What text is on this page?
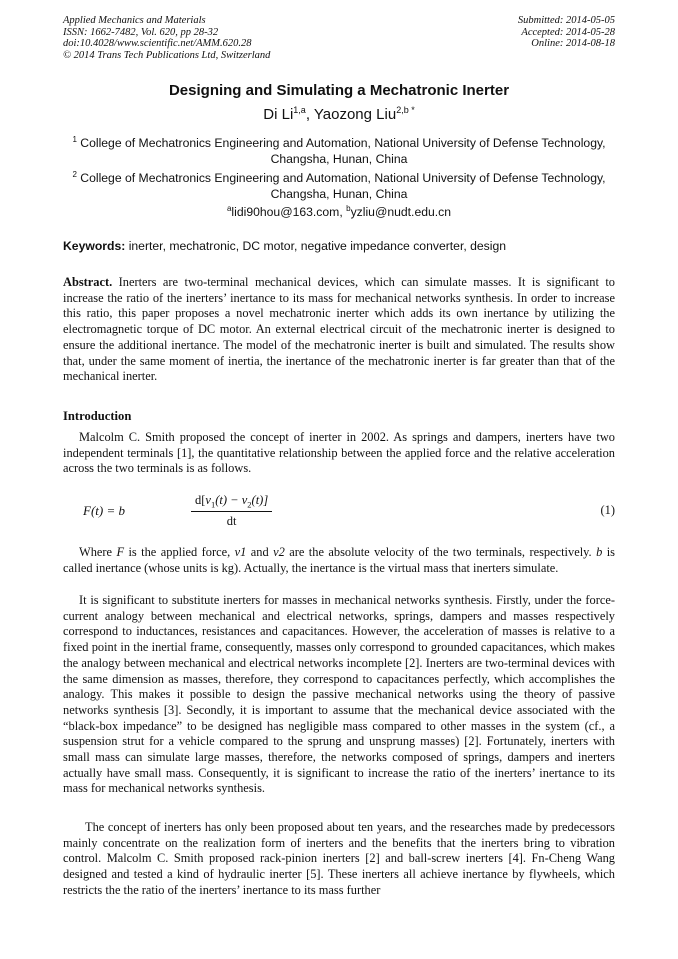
Applied Mechanics and Materials
ISSN: 1662-7482, Vol. 620, pp 28-32
doi:10.4028/www.scientific.net/AMM.620.28
© 2014 Trans Tech Publications Ltd, Switzerland
Submitted: 2014-05-05
Accepted: 2014-05-28
Online: 2014-08-18
Designing and Simulating a Mechatronic Inerter
Di Li$^{1,a}$, Yaozong Liu$^{2,b *}$
$^1$ College of Mechatronics Engineering and Automation, National University of Defense Technology, Changsha, Hunan, China
$^2$ College of Mechatronics Engineering and Automation, National University of Defense Technology, Changsha, Hunan, China
$^a$lidi90hou@163.com, $^b$yzliu@nudt.edu.cn
Keywords: inerter, mechatronic, DC motor, negative impedance converter, design
Abstract. Inerters are two-terminal mechanical devices, which can simulate masses. It is significant to increase the ratio of the inerters’ inertance to its mass for mechanical networks synthesis. In order to increase this ratio, this paper proposes a novel mechatronic inerter which adds its own inertance by utilizing the electromagnetic torque of DC motor. An external electrical circuit of the mechatronic inerter is designed to ensure the additional inertance. The model of the mechatronic inerter is built and simulated. The results show that, under the same moment of inertia, the inertance of the mechatronic inerter is far greater than that of the mechanical inerter.
Introduction
Malcolm C. Smith proposed the concept of inerter in 2002. As springs and dampers, inerters have two independent terminals [1], the quantitative relationship between the applied force and the relative acceleration across the two terminals is as follows.
F(t) = b	$\frac{d[v_1(t) - v_2(t)]}{dt}$	(1)
Where F is the applied force, v1 and v2 are the absolute velocity of the two terminals, respectively. b is called inertance (whose units is kg). Actually, the inertance is the virtual mass that inerters simulate.
It is significant to substitute inerters for masses in mechanical networks synthesis. Firstly, under the force-current analogy between mechanical and electrical networks, springs, dampers and masses respectively correspond to inductances, resistances and capacitances. However, the acceleration of masses is relative to a fixed point in the inertial frame, consequently, masses only correspond to grounded capacitances, which makes the analogy between mechanical and electrical networks incomplete [2]. Inerters are two-terminal devices with the same dimension as masses, therefore, they correspond to capacitances perfectly, which accomplishes the analogy. This makes it possible to design the passive mechanical networks using the theory of passive networks synthesis [3]. Secondly, it is important to assume that the mechanical device associated with the “black-box impedance” to be designed has negligible mass compared to other masses in the system (cf., a suspension strut for a vehicle compared to the sprung and unsprung masses) [2]. Fortunately, inerters with small mass can simulate large masses, therefore, the networks composed of springs, dampers and inerters actually have small mass. Consequently, it is significant to increase the ratio of the inerters’ inertance to its mass for mechanical networks synthesis.
The concept of inerters has only been proposed about ten years, and the researches made by predecessors mainly concentrate on the realization form of inerters and the benefits that the inerters bring to vibration control. Malcolm C. Smith proposed rack-pinion inerters [2] and ball-screw inerters [4]. Fn-Cheng Wang designed and tested a kind of hydraulic inerter [5]. These inerters all achieve inertance by flywheels, which restricts the the ratio of the inerters’ inertance to its mass further
